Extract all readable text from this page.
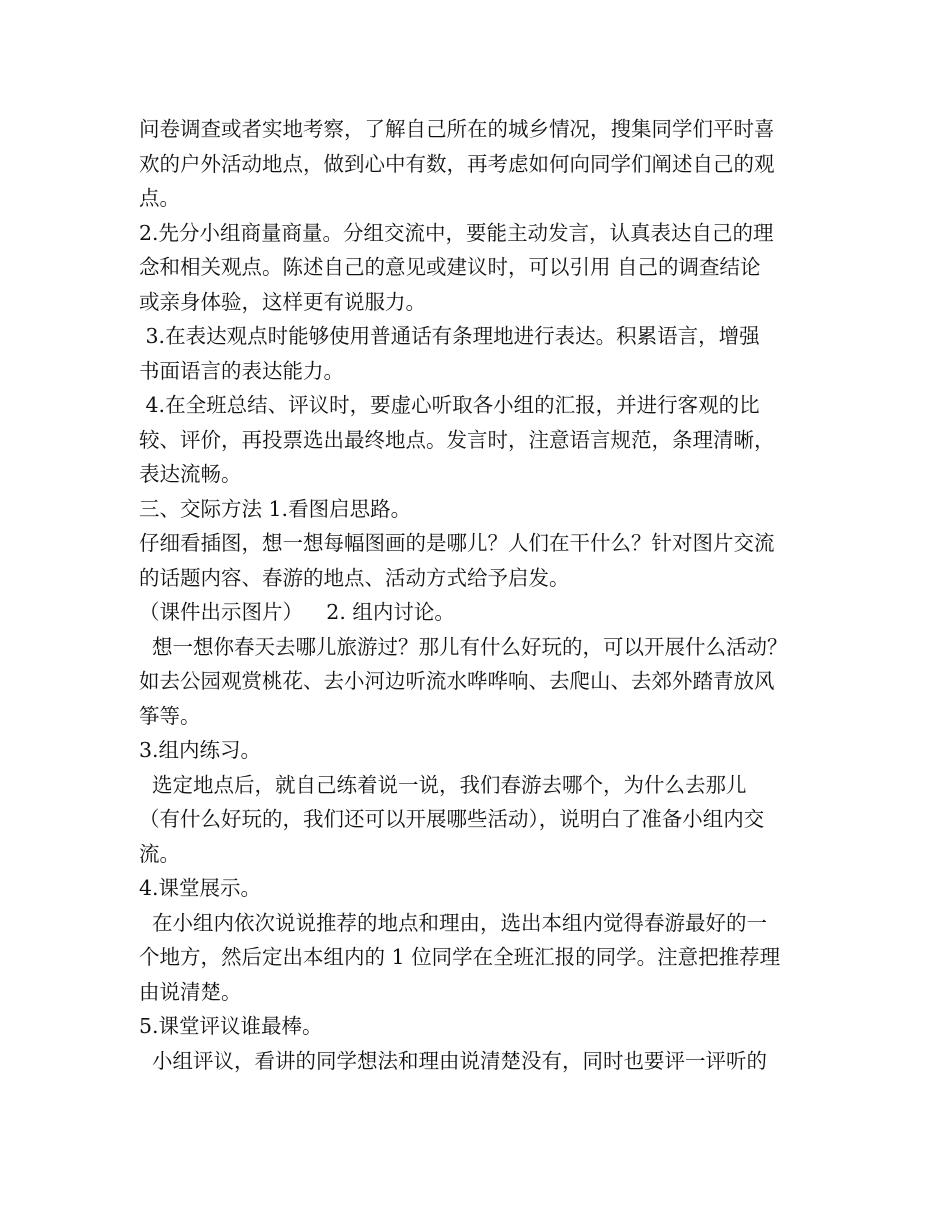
问卷调查或者实地考察，了解自己所在的城乡情况，搜集同学们平时喜
欢的户外活动地点，做到心中有数，再考虑如何向同学们阐述自己的观
点。
2.先分小组商量商量。分组交流中，要能主动发言，认真表达自己的理
念和相关观点。陈述自己的意见或建议时，可以引用 自己的调查结论
或亲身体验，这样更有说服力。
3.在表达观点时能够使用普通话有条理地进行表达。积累语言，增强
书面语言的表达能力。
4.在全班总结、评议时，要虚心听取各小组的汇报，并进行客观的比
较、评价，再投票选出最终地点。发言时，注意语言规范，条理清晰，
表达流畅。
三、交际方法 1.看图启思路。
仔细看插图，想一想每幅图画的是哪儿？人们在干什么？针对图片交流
的话题内容、春游的地点、活动方式给予启发。
（课件出示图片）　  2. 组内讨论。
想一想你春天去哪儿旅游过？那儿有什么好玩的，可以开展什么活动？
如去公园观赏桃花、去小河边听流水哗哗响、去爬山、去郊外踏青放风
筝等。
3.组内练习。
选定地点后，就自己练着说一说，我们春游去哪个，为什么去那儿
（有什么好玩的，我们还可以开展哪些活动），说明白了准备小组内交
流。
4.课堂展示。
在小组内依次说说推荐的地点和理由，选出本组内觉得春游最好的一
个地方，然后定出本组内的 1 位同学在全班汇报的同学。注意把推荐理
由说清楚。
5.课堂评议谁最棒。
小组评议，看讲的同学想法和理由说清楚没有，同时也要评一评听的
